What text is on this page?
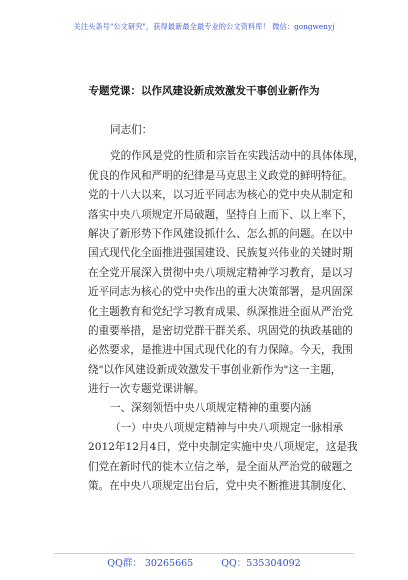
关注头条号"公文研究"，获得最新最全最专业的公文资料库！ 微信：gongwenyj
专题党课：以作风建设新成效激发干事创业新作为
同志们：
党的作风是党的性质和宗旨在实践活动中的具体体现，
优良的作风和严明的纪律是马克思主义政党的鲜明特征。
党的十八大以来，以习近平同志为核心的党中央从制定和
落实中央八项规定开局破题，坚持自上而下、以上率下，
解决了新形势下作风建设抓什么、怎么抓的问题。在以中
国式现代化全面推进强国建设、民族复兴伟业的关键时期
在全党开展深入贯彻中央八项规定精神学习教育，是以习
近平同志为核心的党中央作出的重大决策部署，是巩固深
化主题教育和党纪学习教育成果、纵深推进全面从严治党
的重要举措，是密切党群干群关系、巩固党的执政基础的
必然要求，是推进中国式现代化的有力保障。今天，我围
绕"以作风建设新成效激发干事创业新作为"这一主题，
进行一次专题党课讲解。
一、深刻领悟中央八项规定精神的重要内涵
（一）中央八项规定精神与中央八项规定一脉相承
2012年12月4日，党中央制定实施中央八项规定，这是我
们党在新时代的徙木立信之举，是全面从严治党的破题之
策。在中央八项规定出台后，党中央不断推进其制度化、
QQ群： 30265665	QQ：535304092
